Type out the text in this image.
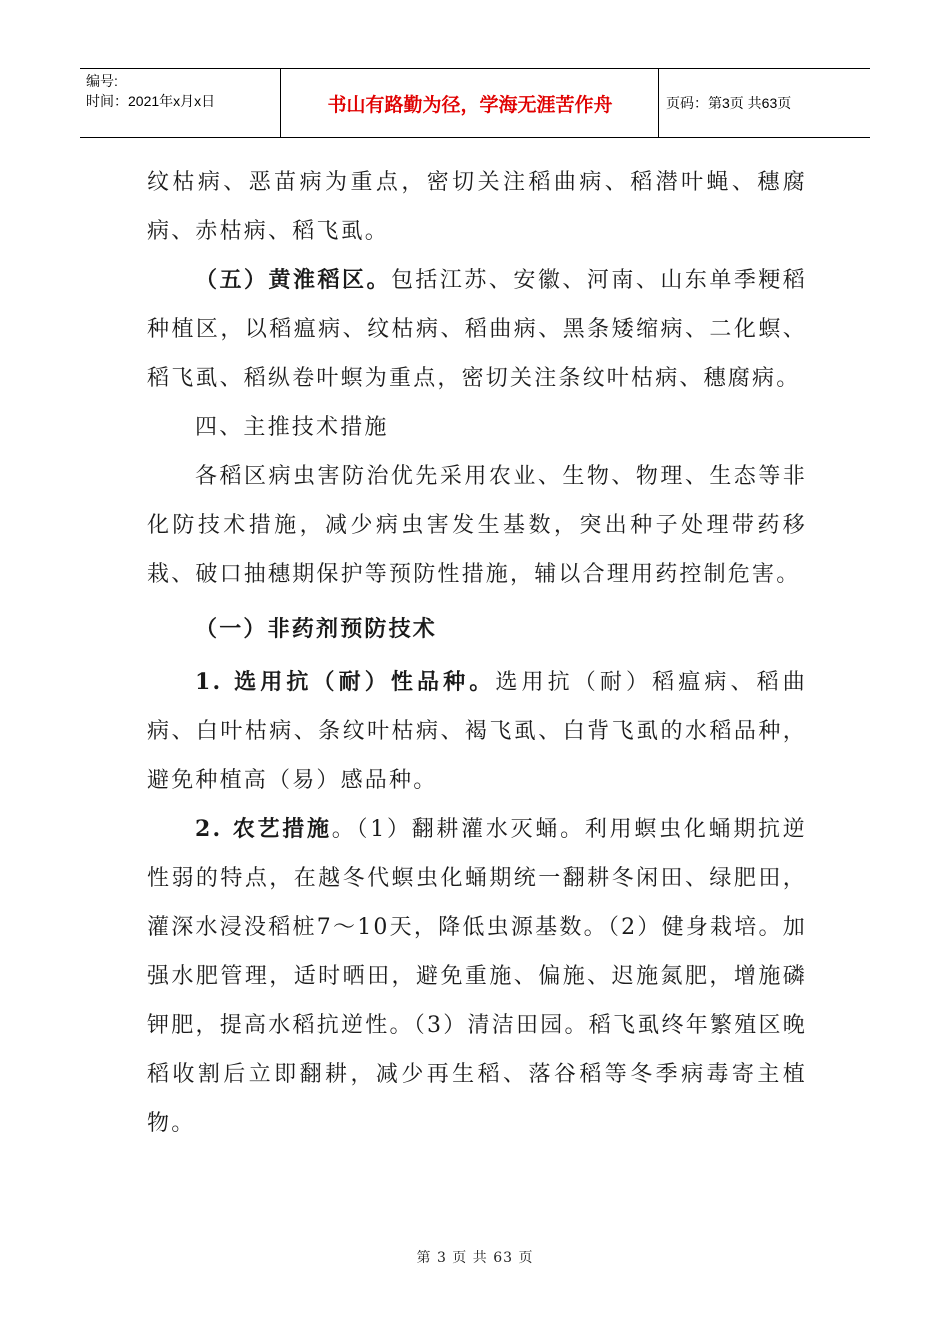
编号:
时间：2021年x月x日	书山有路勤为径，学海无涯苦作舟	页码：第3页 共63页

纹枯病、恶苗病为重点，密切关注稻曲病、稻潜叶蝇、穗腐病、赤枯病、稻飞虱。

（五）黄淮稻区。包括江苏、安徽、河南、山东单季粳稻种植区，以稻瘟病、纹枯病、稻曲病、黑条矮缩病、二化螟、稻飞虱、稻纵卷叶螟为重点，密切关注条纹叶枯病、穗腐病。

四、主推技术措施

各稻区病虫害防治优先采用农业、生物、物理、生态等非化防技术措施，减少病虫害发生基数，突出种子处理带药移栽、破口抽穗期保护等预防性措施，辅以合理用药控制危害。

（一）非药剂预防技术

1. 选用抗（耐）性品种。选用抗（耐）稻瘟病、稻曲病、白叶枯病、条纹叶枯病、褐飞虱、白背飞虱的水稻品种，避免种植高（易）感品种。

2. 农艺措施。（1）翻耕灌水灭蛹。利用螟虫化蛹期抗逆性弱的特点，在越冬代螟虫化蛹期统一翻耕冬闲田、绿肥田，灌深水浸没稻桩7～10天，降低虫源基数。（2）健身栽培。加强水肥管理，适时晒田，避免重施、偏施、迟施氮肥，增施磷钾肥，提高水稻抗逆性。（3）清洁田园。稻飞虱终年繁殖区晚稻收割后立即翻耕，减少再生稻、落谷稻等冬季病毒寄主植物。

第 3 页 共 63 页
